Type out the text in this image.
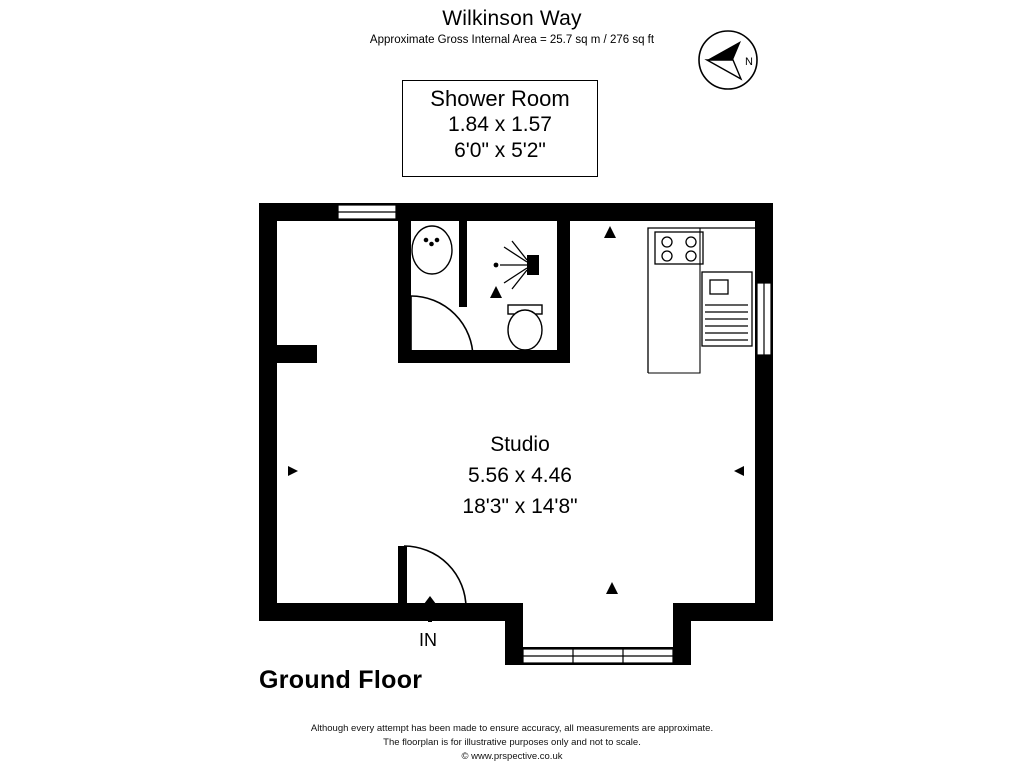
Wilkinson Way
Approximate Gross Internal Area = 25.7 sq m / 276 sq ft
N
Shower Room
1.84 x 1.57
6'0" x 5'2"
Studio
5.56 x 4.46
18'3" x 14'8"
IN
Ground Floor
Although every attempt has been made to ensure accuracy, all measurements are approximate.
The floorplan is for illustrative purposes only and not to scale.
© www.prspective.co.uk
